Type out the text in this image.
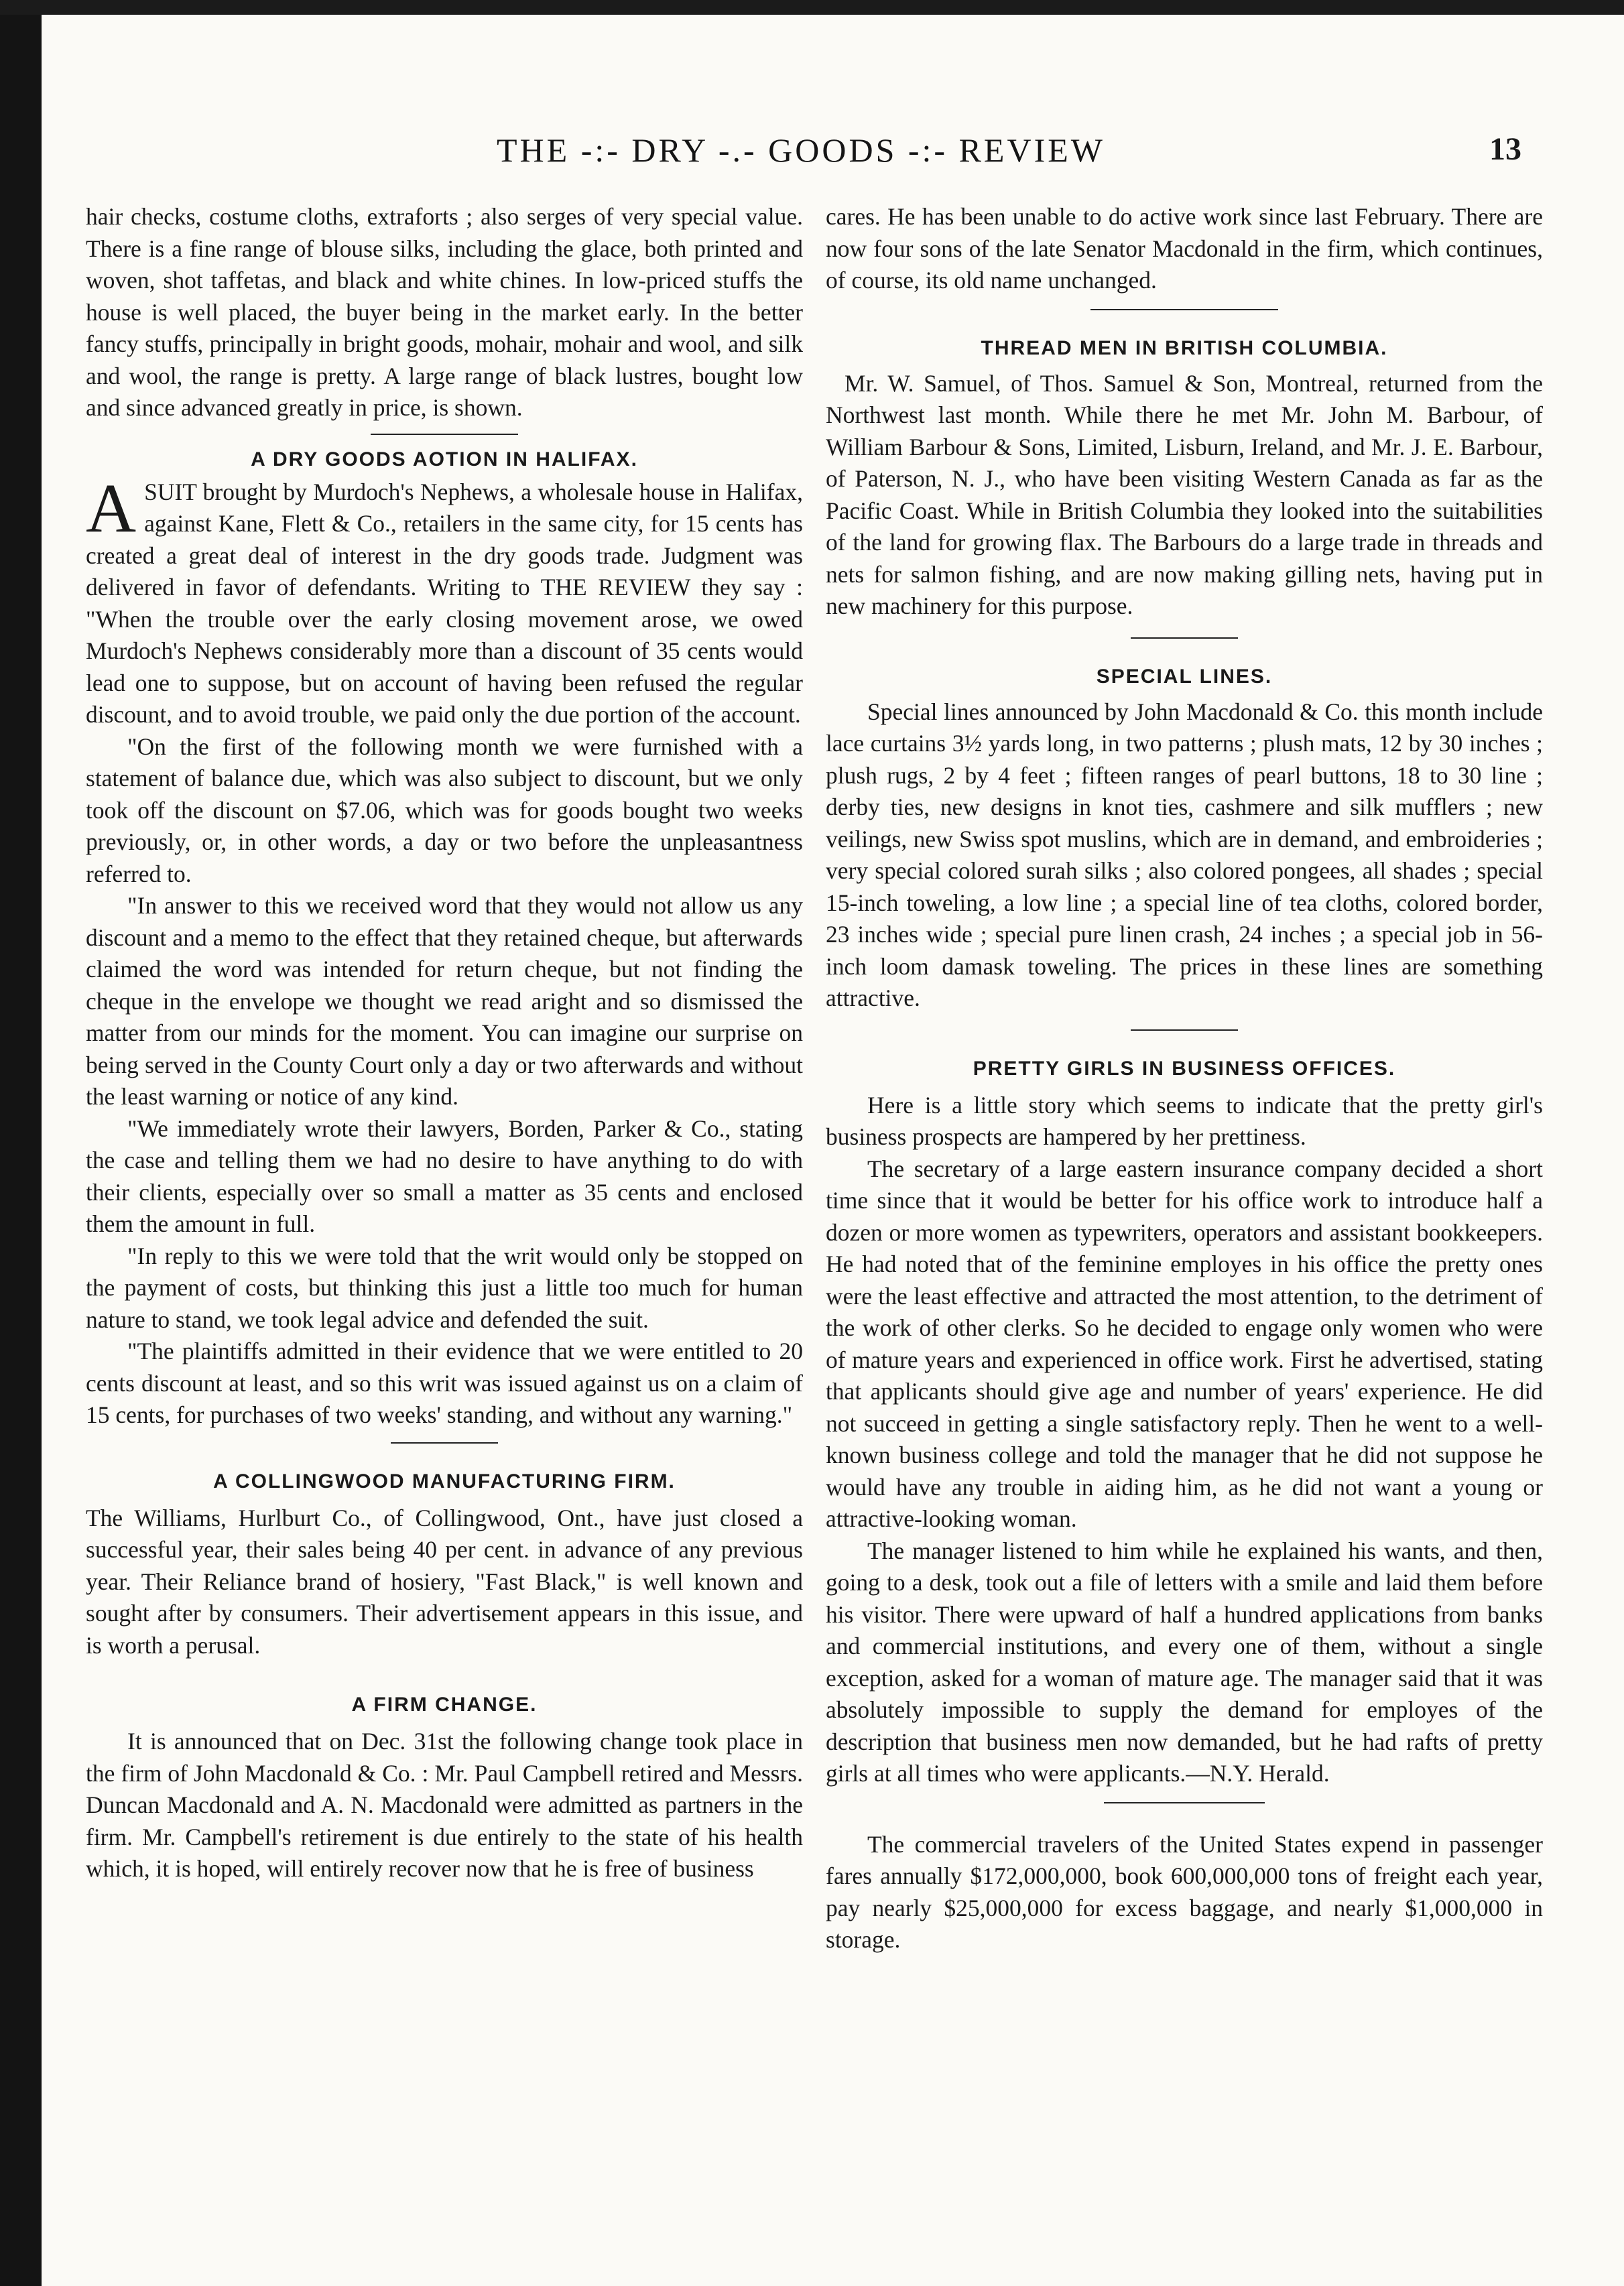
THE -:- DRY -.- GOODS -:- REVIEW	13

hair checks, costume cloths, extraforts ; also serges of very special value. There is a fine range of blouse silks, including the glace, both printed and woven, shot taffetas, and black and white chines. In low-priced stuffs the house is well placed, the buyer being in the market early. In the better fancy stuffs, principally in bright goods, mohair, mohair and wool, and silk and wool, the range is pretty. A large range of black lustres, bought low and since advanced greatly in price, is shown.

A DRY GOODS AOTION IN HALIFAX.

ASUIT brought by Murdoch's Nephews, a wholesale house in Halifax, against Kane, Flett & Co., retailers in the same city, for 15 cents has created a great deal of interest in the dry goods trade. Judgment was delivered in favor of defendants. Writing to THE REVIEW they say : "When the trouble over the early closing movement arose, we owed Murdoch's Nephews considerably more than a discount of 35 cents would lead one to suppose, but on account of having been refused the regular discount, and to avoid trouble, we paid only the due portion of the account.

"On the first of the following month we were furnished with a statement of balance due, which was also subject to discount, but we only took off the discount on $7.06, which was for goods bought two weeks previously, or, in other words, a day or two before the unpleasantness referred to.

"In answer to this we received word that they would not allow us any discount and a memo to the effect that they retained cheque, but afterwards claimed the word was intended for return cheque, but not finding the cheque in the envelope we thought we read aright and so dismissed the matter from our minds for the moment. You can imagine our surprise on being served in the County Court only a day or two afterwards and without the least warning or notice of any kind.

"We immediately wrote their lawyers, Borden, Parker & Co., stating the case and telling them we had no desire to have anything to do with their clients, especially over so small a matter as 35 cents and enclosed them the amount in full.

"In reply to this we were told that the writ would only be stopped on the payment of costs, but thinking this just a little too much for human nature to stand, we took legal advice and defended the suit.

"The plaintiffs admitted in their evidence that we were entitled to 20 cents discount at least, and so this writ was issued against us on a claim of 15 cents, for purchases of two weeks' standing, and without any warning."

A COLLINGWOOD MANUFACTURING FIRM.

The Williams, Hurlburt Co., of Collingwood, Ont., have just closed a successful year, their sales being 40 per cent. in advance of any previous year. Their Reliance brand of hosiery, "Fast Black," is well known and sought after by consumers. Their advertisement appears in this issue, and is worth a perusal.

A FIRM CHANGE.

It is announced that on Dec. 31st the following change took place in the firm of John Macdonald & Co. : Mr. Paul Campbell retired and Messrs. Duncan Macdonald and A. N. Macdonald were admitted as partners in the firm. Mr. Campbell's retirement is due entirely to the state of his health which, it is hoped, will entirely recover now that he is free of business

cares. He has been unable to do active work since last February. There are now four sons of the late Senator Macdonald in the firm, which continues, of course, its old name unchanged.

THREAD MEN IN BRITISH COLUMBIA.

Mr. W. Samuel, of Thos. Samuel & Son, Montreal, returned from the Northwest last month. While there he met Mr. John M. Barbour, of William Barbour & Sons, Limited, Lisburn, Ireland, and Mr. J. E. Barbour, of Paterson, N. J., who have been visiting Western Canada as far as the Pacific Coast. While in British Columbia they looked into the suitabilities of the land for growing flax. The Barbours do a large trade in threads and nets for salmon fishing, and are now making gilling nets, having put in new machinery for this purpose.

SPECIAL LINES.

Special lines announced by John Macdonald & Co. this month include lace curtains 3½ yards long, in two patterns ; plush mats, 12 by 30 inches ; plush rugs, 2 by 4 feet ; fifteen ranges of pearl buttons, 18 to 30 line ; derby ties, new designs in knot ties, cashmere and silk mufflers ; new veilings, new Swiss spot muslins, which are in demand, and embroideries ; very special colored surah silks ; also colored pongees, all shades ; special 15-inch toweling, a low line ; a special line of tea cloths, colored border, 23 inches wide ; special pure linen crash, 24 inches ; a special job in 56-inch loom damask toweling. The prices in these lines are something attractive.

PRETTY GIRLS IN BUSINESS OFFICES.

Here is a little story which seems to indicate that the pretty girl's business prospects are hampered by her prettiness.

The secretary of a large eastern insurance company decided a short time since that it would be better for his office work to introduce half a dozen or more women as typewriters, operators and assistant bookkeepers. He had noted that of the feminine employes in his office the pretty ones were the least effective and attracted the most attention, to the detriment of the work of other clerks. So he decided to engage only women who were of mature years and experienced in office work. First he advertised, stating that applicants should give age and number of years' experience. He did not succeed in getting a single satisfactory reply. Then he went to a well-known business college and told the manager that he did not suppose he would have any trouble in aiding him, as he did not want a young or attractive-looking woman.

The manager listened to him while he explained his wants, and then, going to a desk, took out a file of letters with a smile and laid them before his visitor. There were upward of half a hundred applications from banks and commercial institutions, and every one of them, without a single exception, asked for a woman of mature age. The manager said that it was absolutely impossible to supply the demand for employes of the description that business men now demanded, but he had rafts of pretty girls at all times who were applicants.—N.Y. Herald.

The commercial travelers of the United States expend in passenger fares annually $172,000,000, book 600,000,000 tons of freight each year, pay nearly $25,000,000 for excess baggage, and nearly $1,000,000 in storage.
